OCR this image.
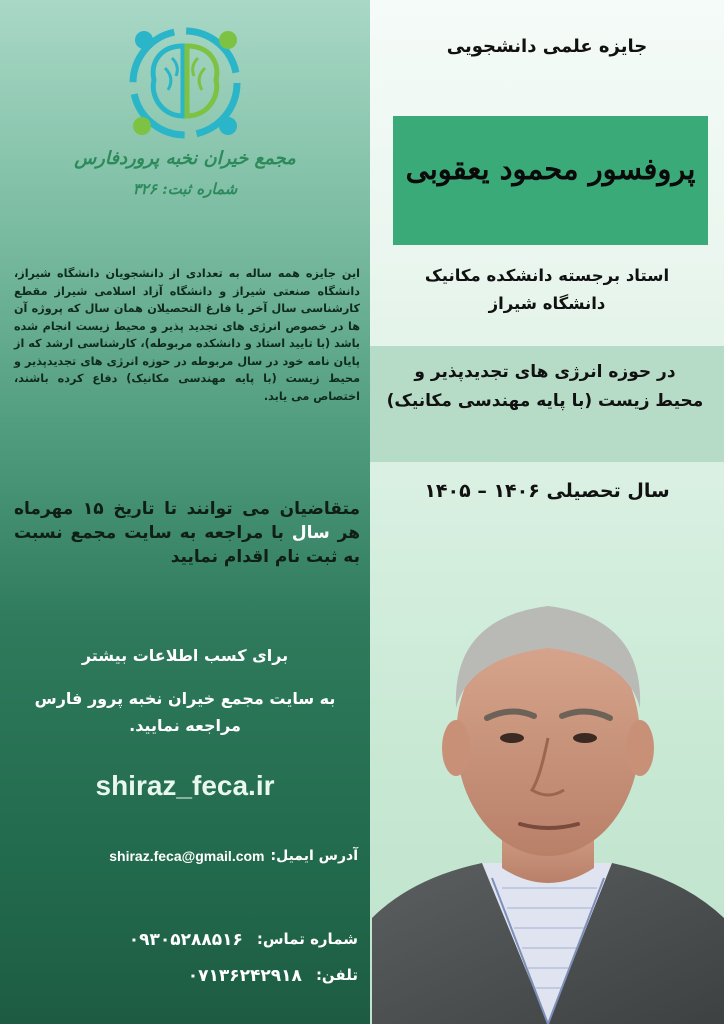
مجمع خیران نخبه پروردفارس
شماره ثبت: ۳۲۶
این جایزه همه ساله به تعدادی از دانشجویان دانشگاه شیراز، دانشگاه صنعتی شیراز و دانشگاه آزاد اسلامی شیراز مقطع کارشناسی سال آخر یا فارغ التحصیلان همان سال که پروژه آن ها در خصوص انرژی های تجدید پذیر و محیط زیست انجام شده باشد (با تایید استاد و دانشکده مربوطه)، کارشناسی ارشد که از پایان نامه خود در سال مربوطه در حوزه انرژی های تجدیدپذیر و محیط زیست (با پایه مهندسی مکانیک) دفاع کرده باشند، اختصاص می یابد.
متقاضیان می توانند تا تاریخ ۱۵ مهرماه هر سال با مراجعه به سایت مجمع نسبت به ثبت نام اقدام نمایید
برای کسب اطلاعات بیشتر
به سایت مجمع خیران نخبه پرور فارس مراجعه نمایید.
shiraz_feca.ir
آدرس ایمیل:
shiraz.feca@gmail.com
شماره تماس:
۰۹۳۰۵۲۸۸۵۱۶
تلفن:
۰۷۱۳۶۲۴۲۹۱۸
جایزه علمی دانشجویی
پروفسور محمود یعقوبی
استاد برجسته دانشکده مکانیک
دانشگاه شیراز
در حوزه انرژی های تجدیدپذیر و
محیط زیست (با پایه مهندسی مکانیک)
سال تحصیلی ۱۴۰۶ – ۱۴۰۵
